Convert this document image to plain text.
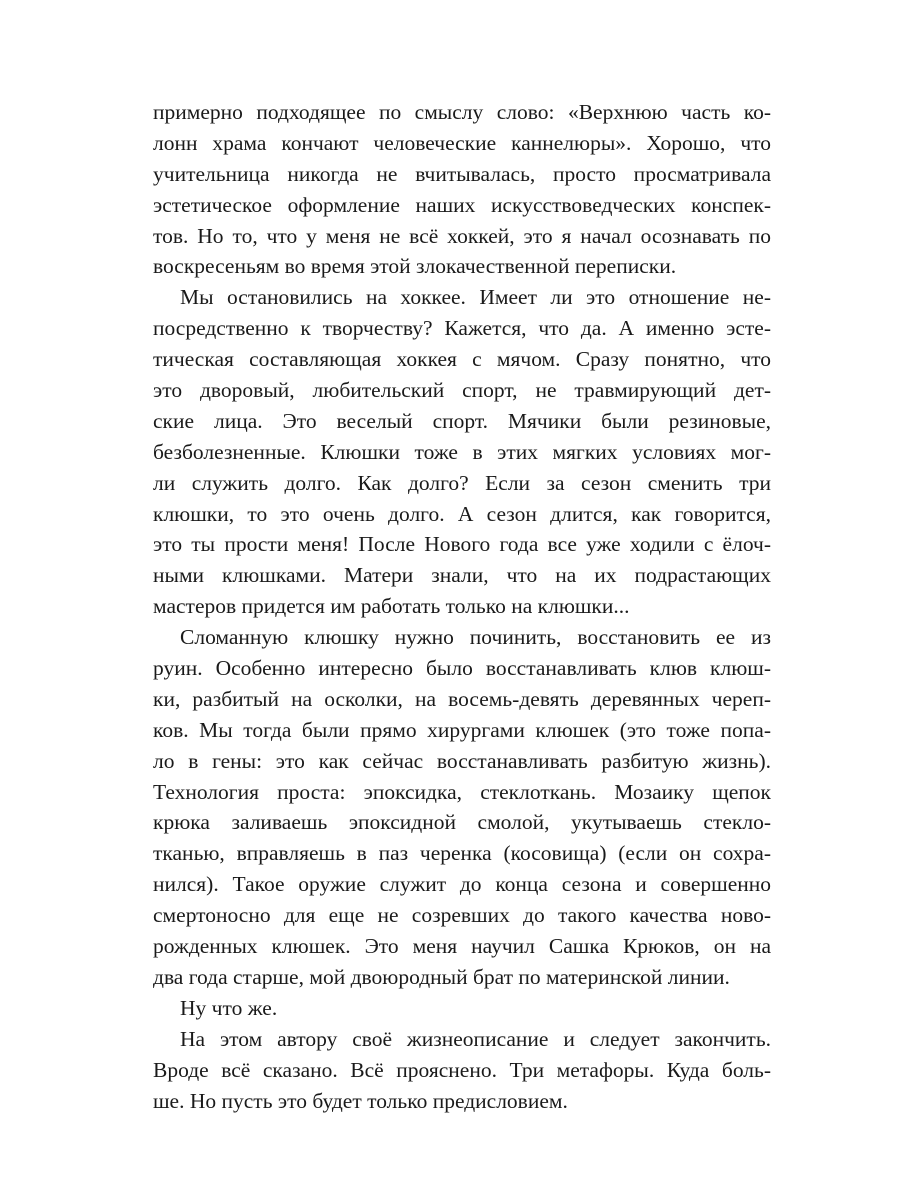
примерно подходящее по смыслу слово: «Верхнюю часть ко-
лонн храма кончают человеческие каннелюры». Хорошо, что
учительница никогда не вчитывалась, просто просматривала
эстетическое оформление наших искусствоведческих конспек-
тов. Но то, что у меня не всё хоккей, это я начал осознавать по
воскресеньям во время этой злокачественной переписки.
Мы остановились на хоккее. Имеет ли это отношение не-
посредственно к творчеству? Кажется, что да. А именно эсте-
тическая составляющая хоккея с мячом. Сразу понятно, что
это дворовый, любительский спорт, не травмирующий дет-
ские лица. Это веселый спорт. Мячики были резиновые,
безболезненные. Клюшки тоже в этих мягких условиях мог-
ли служить долго. Как долго? Если за сезон сменить три
клюшки, то это очень долго. А сезон длится, как говорится,
это ты прости меня! После Нового года все уже ходили с ёлоч-
ными клюшками. Матери знали, что на их подрастающих
мастеров придется им работать только на клюшки...
Сломанную клюшку нужно починить, восстановить ее из
руин. Особенно интересно было восстанавливать клюв клюш-
ки, разбитый на осколки, на восемь-девять деревянных череп-
ков. Мы тогда были прямо хирургами клюшек (это тоже попа-
ло в гены: это как сейчас восстанавливать разбитую жизнь).
Технология проста: эпоксидка, стеклоткань. Мозаику щепок
крюка заливаешь эпоксидной смолой, укутываешь стекло-
тканью, вправляешь в паз черенка (косовища) (если он сохра-
нился). Такое оружие служит до конца сезона и совершенно
смертоносно для еще не созревших до такого качества ново-
рожденных клюшек. Это меня научил Сашка Крюков, он на
два года старше, мой двоюродный брат по материнской линии.
Ну что же.
На этом автору своё жизнеописание и следует закончить.
Вроде всё сказано. Всё прояснено. Три метафоры. Куда боль-
ше. Но пусть это будет только предисловием.
